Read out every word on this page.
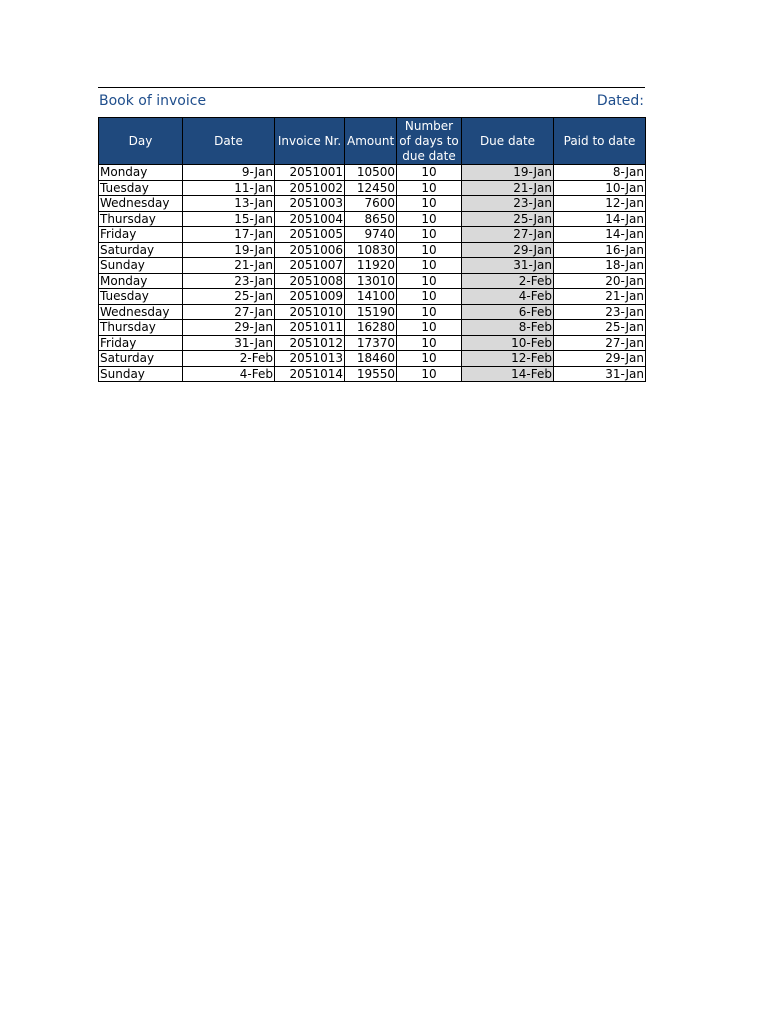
Book of invoice	Dated:
Day	Date	Invoice Nr.	Amount	Number of days to due date	Due date	Paid to date
Monday	9-Jan	2051001	10500	10	19-Jan	8-Jan
Tuesday	11-Jan	2051002	12450	10	21-Jan	10-Jan
Wednesday	13-Jan	2051003	7600	10	23-Jan	12-Jan
Thursday	15-Jan	2051004	8650	10	25-Jan	14-Jan
Friday	17-Jan	2051005	9740	10	27-Jan	14-Jan
Saturday	19-Jan	2051006	10830	10	29-Jan	16-Jan
Sunday	21-Jan	2051007	11920	10	31-Jan	18-Jan
Monday	23-Jan	2051008	13010	10	2-Feb	20-Jan
Tuesday	25-Jan	2051009	14100	10	4-Feb	21-Jan
Wednesday	27-Jan	2051010	15190	10	6-Feb	23-Jan
Thursday	29-Jan	2051011	16280	10	8-Feb	25-Jan
Friday	31-Jan	2051012	17370	10	10-Feb	27-Jan
Saturday	2-Feb	2051013	18460	10	12-Feb	29-Jan
Sunday	4-Feb	2051014	19550	10	14-Feb	31-Jan
